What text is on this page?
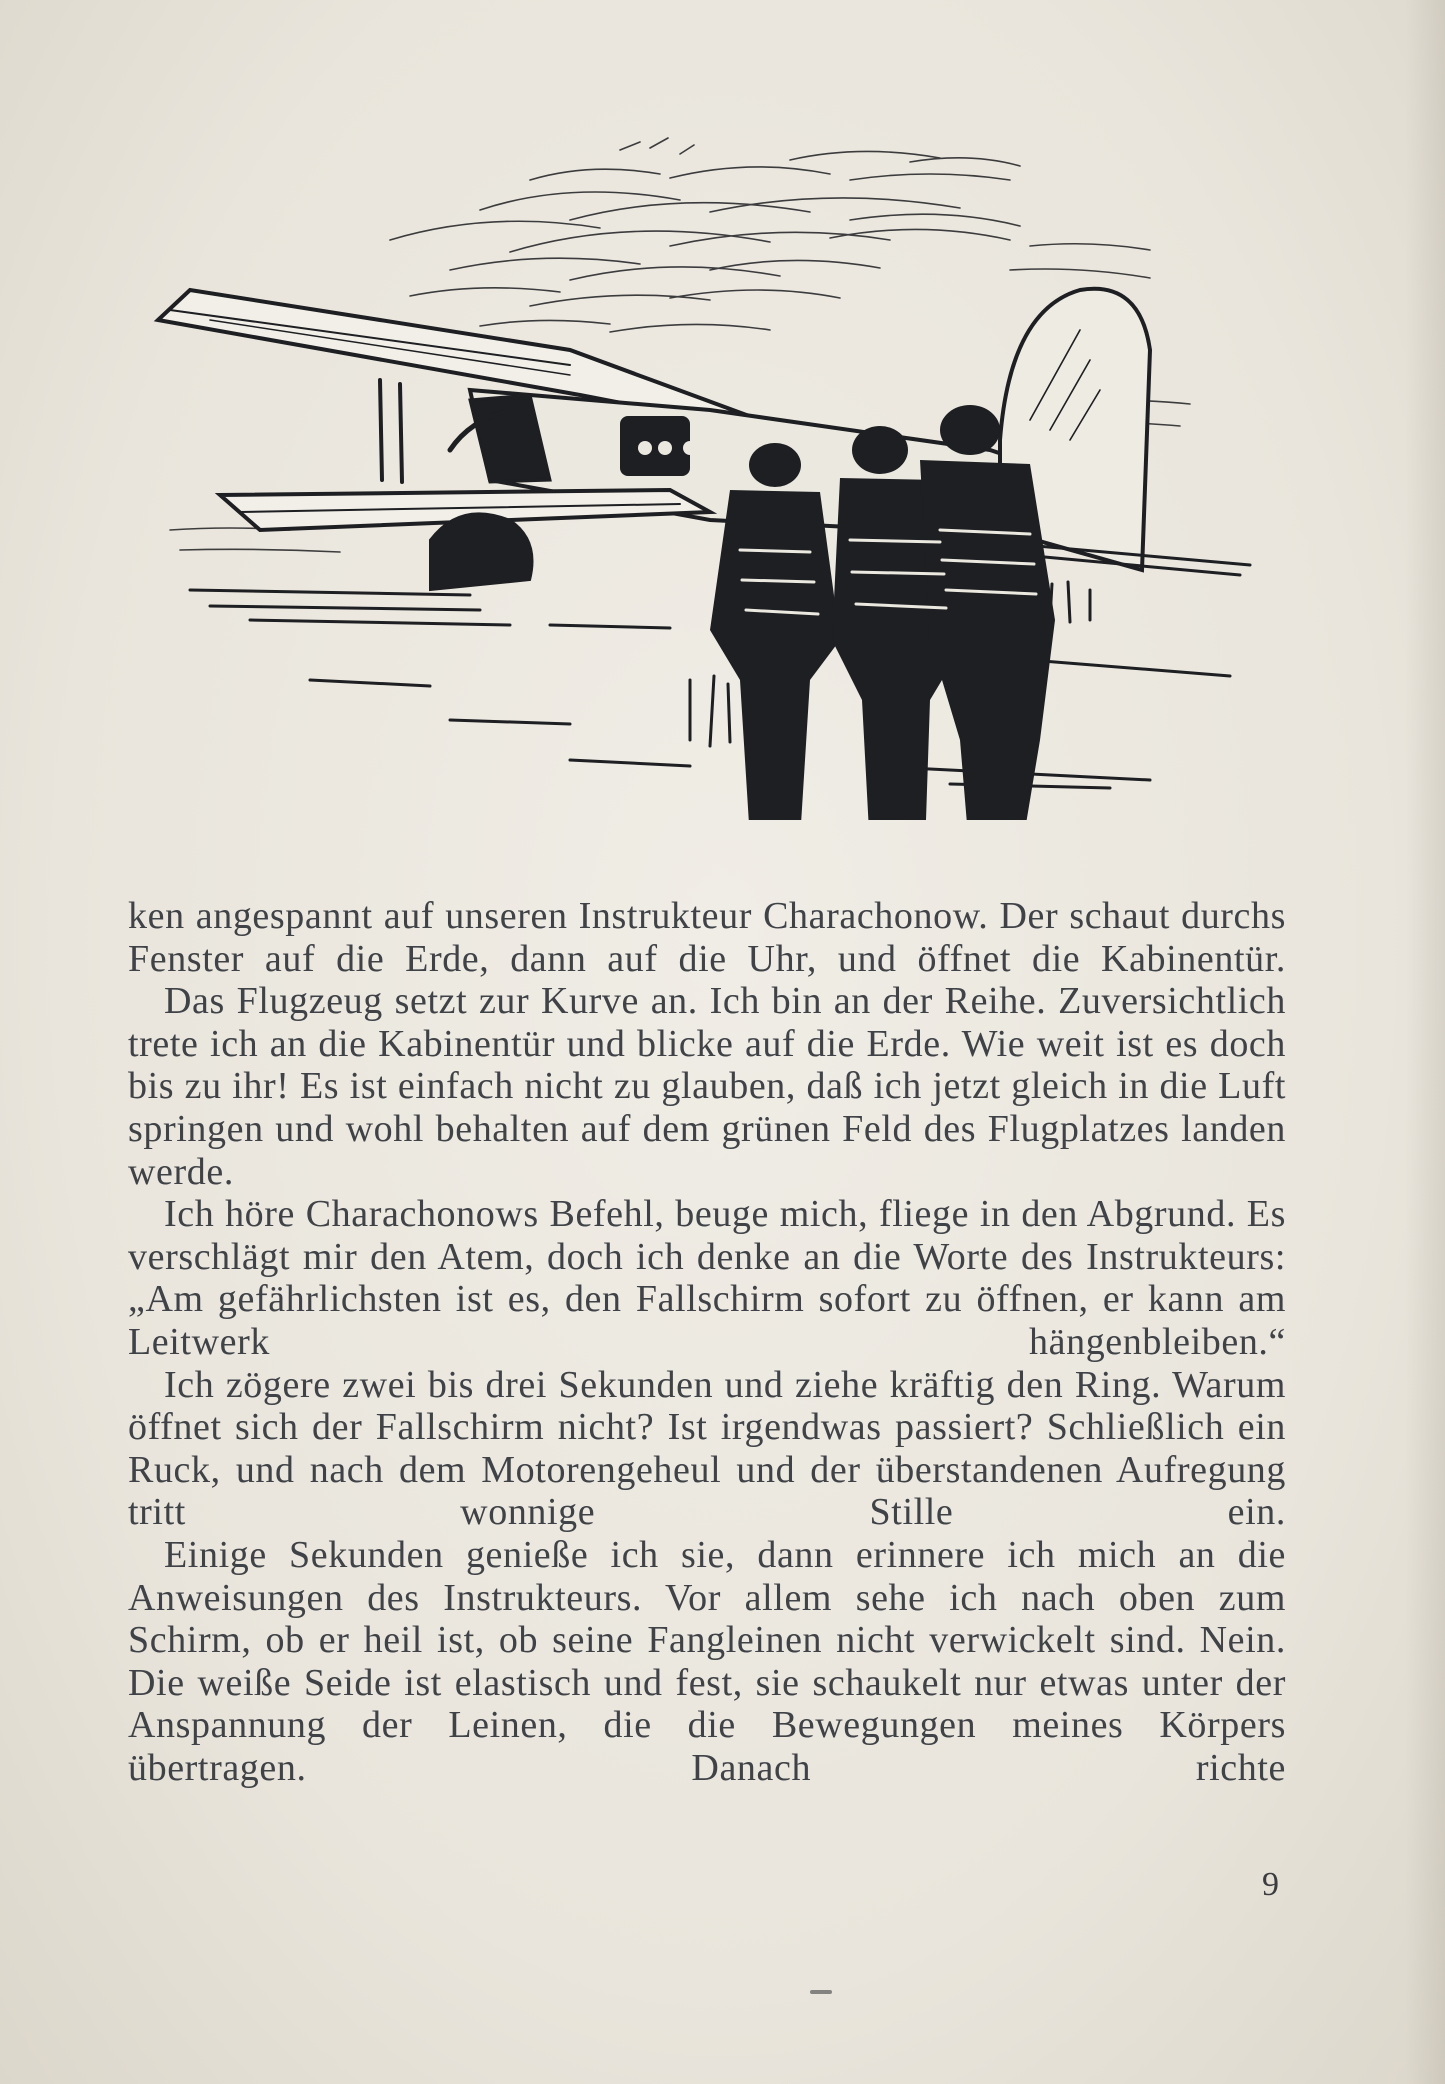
ken angespannt auf unseren Instrukteur Charachonow. Der schaut durchs Fenster auf die Erde, dann auf die Uhr, und öffnet die Kabinentür.

Das Flugzeug setzt zur Kurve an. Ich bin an der Reihe. Zuversichtlich trete ich an die Kabinentür und blicke auf die Erde. Wie weit ist es doch bis zu ihr! Es ist einfach nicht zu glauben, daß ich jetzt gleich in die Luft springen und wohl behalten auf dem grünen Feld des Flugplatzes landen werde.

Ich höre Charachonows Befehl, beuge mich, fliege in den Abgrund. Es verschlägt mir den Atem, doch ich denke an die Worte des Instrukteurs: „Am gefährlichsten ist es, den Fallschirm sofort zu öffnen, er kann am Leitwerk hängenbleiben.“

Ich zögere zwei bis drei Sekunden und ziehe kräftig den Ring. Warum öffnet sich der Fallschirm nicht? Ist irgendwas passiert? Schließlich ein Ruck, und nach dem Motorengeheul und der überstandenen Aufregung tritt wonnige Stille ein.

Einige Sekunden genieße ich sie, dann erinnere ich mich an die Anweisungen des Instrukteurs. Vor allem sehe ich nach oben zum Schirm, ob er heil ist, ob seine Fangleinen nicht verwickelt sind. Nein. Die weiße Seide ist elastisch und fest, sie schaukelt nur etwas unter der Anspannung der Leinen, die die Bewegungen meines Körpers übertragen. Danach richte

9
